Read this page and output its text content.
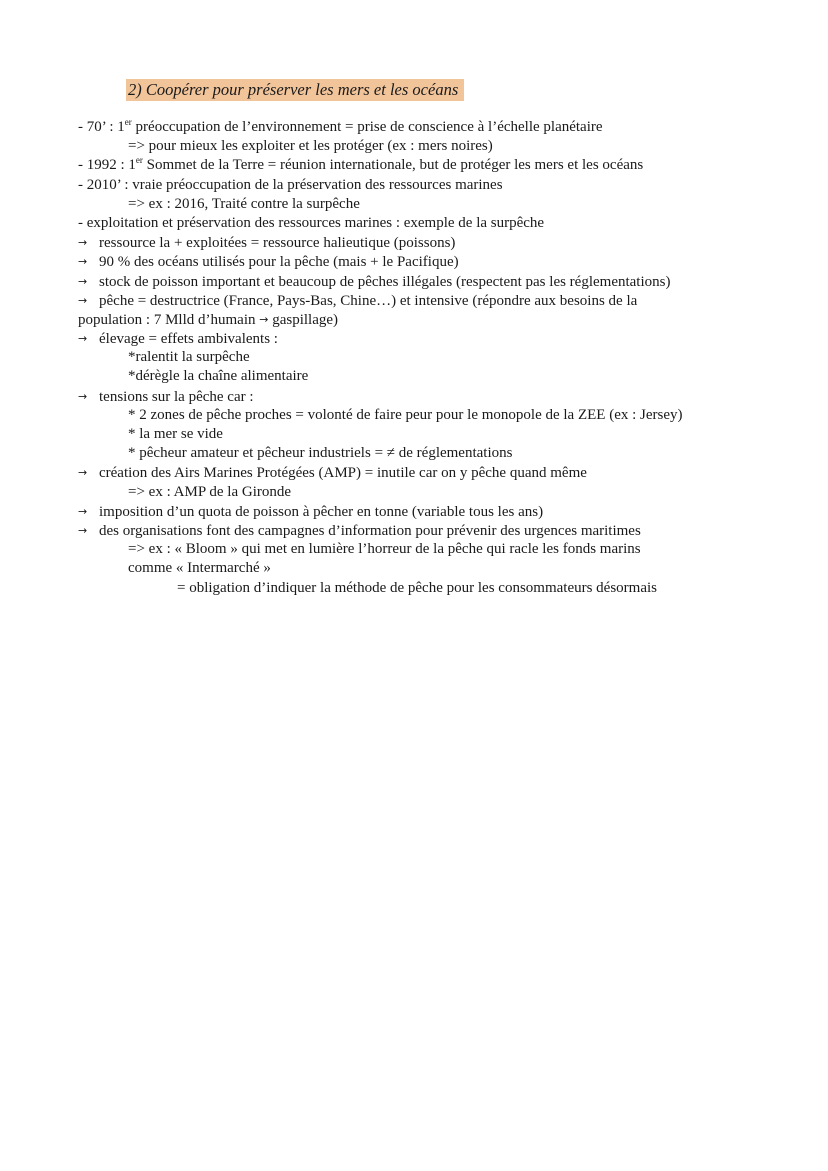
2) Coopérer pour préserver les mers et les océans
- 70’ : 1er préoccupation de l’environnement = prise de conscience à l’échelle planétaire
=> pour mieux les exploiter et les protéger (ex : mers noires)
- 1992 : 1er Sommet de la Terre = réunion internationale, but de protéger les mers et les océans
- 2010’ : vraie préoccupation de la préservation des ressources marines
=> ex : 2016, Traité contre la surpêche
- exploitation et préservation des ressources marines : exemple de la surpêche
→ ressource la + exploitées = ressource halieutique (poissons)
→ 90 % des océans utilisés pour la pêche (mais + le Pacifique)
→ stock de poisson important et beaucoup de pêches illégales (respectent pas les réglementations)
→ pêche = destructrice (France, Pays-Bas, Chine…) et intensive (répondre aux besoins de la
population : 7 Mlld d’humain → gaspillage)
→ élevage = effets ambivalents :
*ralentit la surpêche
*dérègle la chaîne alimentaire
→ tensions sur la pêche car :
* 2 zones de pêche proches = volonté de faire peur pour le monopole de la ZEE (ex : Jersey)
* la mer se vide
* pêcheur amateur et pêcheur industriels = ≠ de réglementations
→ création des Airs Marines Protégées (AMP) = inutile car on y pêche quand même
=> ex : AMP de la Gironde
→ imposition d’un quota de poisson à pêcher en tonne (variable tous les ans)
→ des organisations font des campagnes d’information pour prévenir des urgences maritimes
=> ex : « Bloom » qui met en lumière l’horreur de la pêche qui racle les fonds marins
comme « Intermarché »
= obligation d’indiquer la méthode de pêche pour les consommateurs désormais
